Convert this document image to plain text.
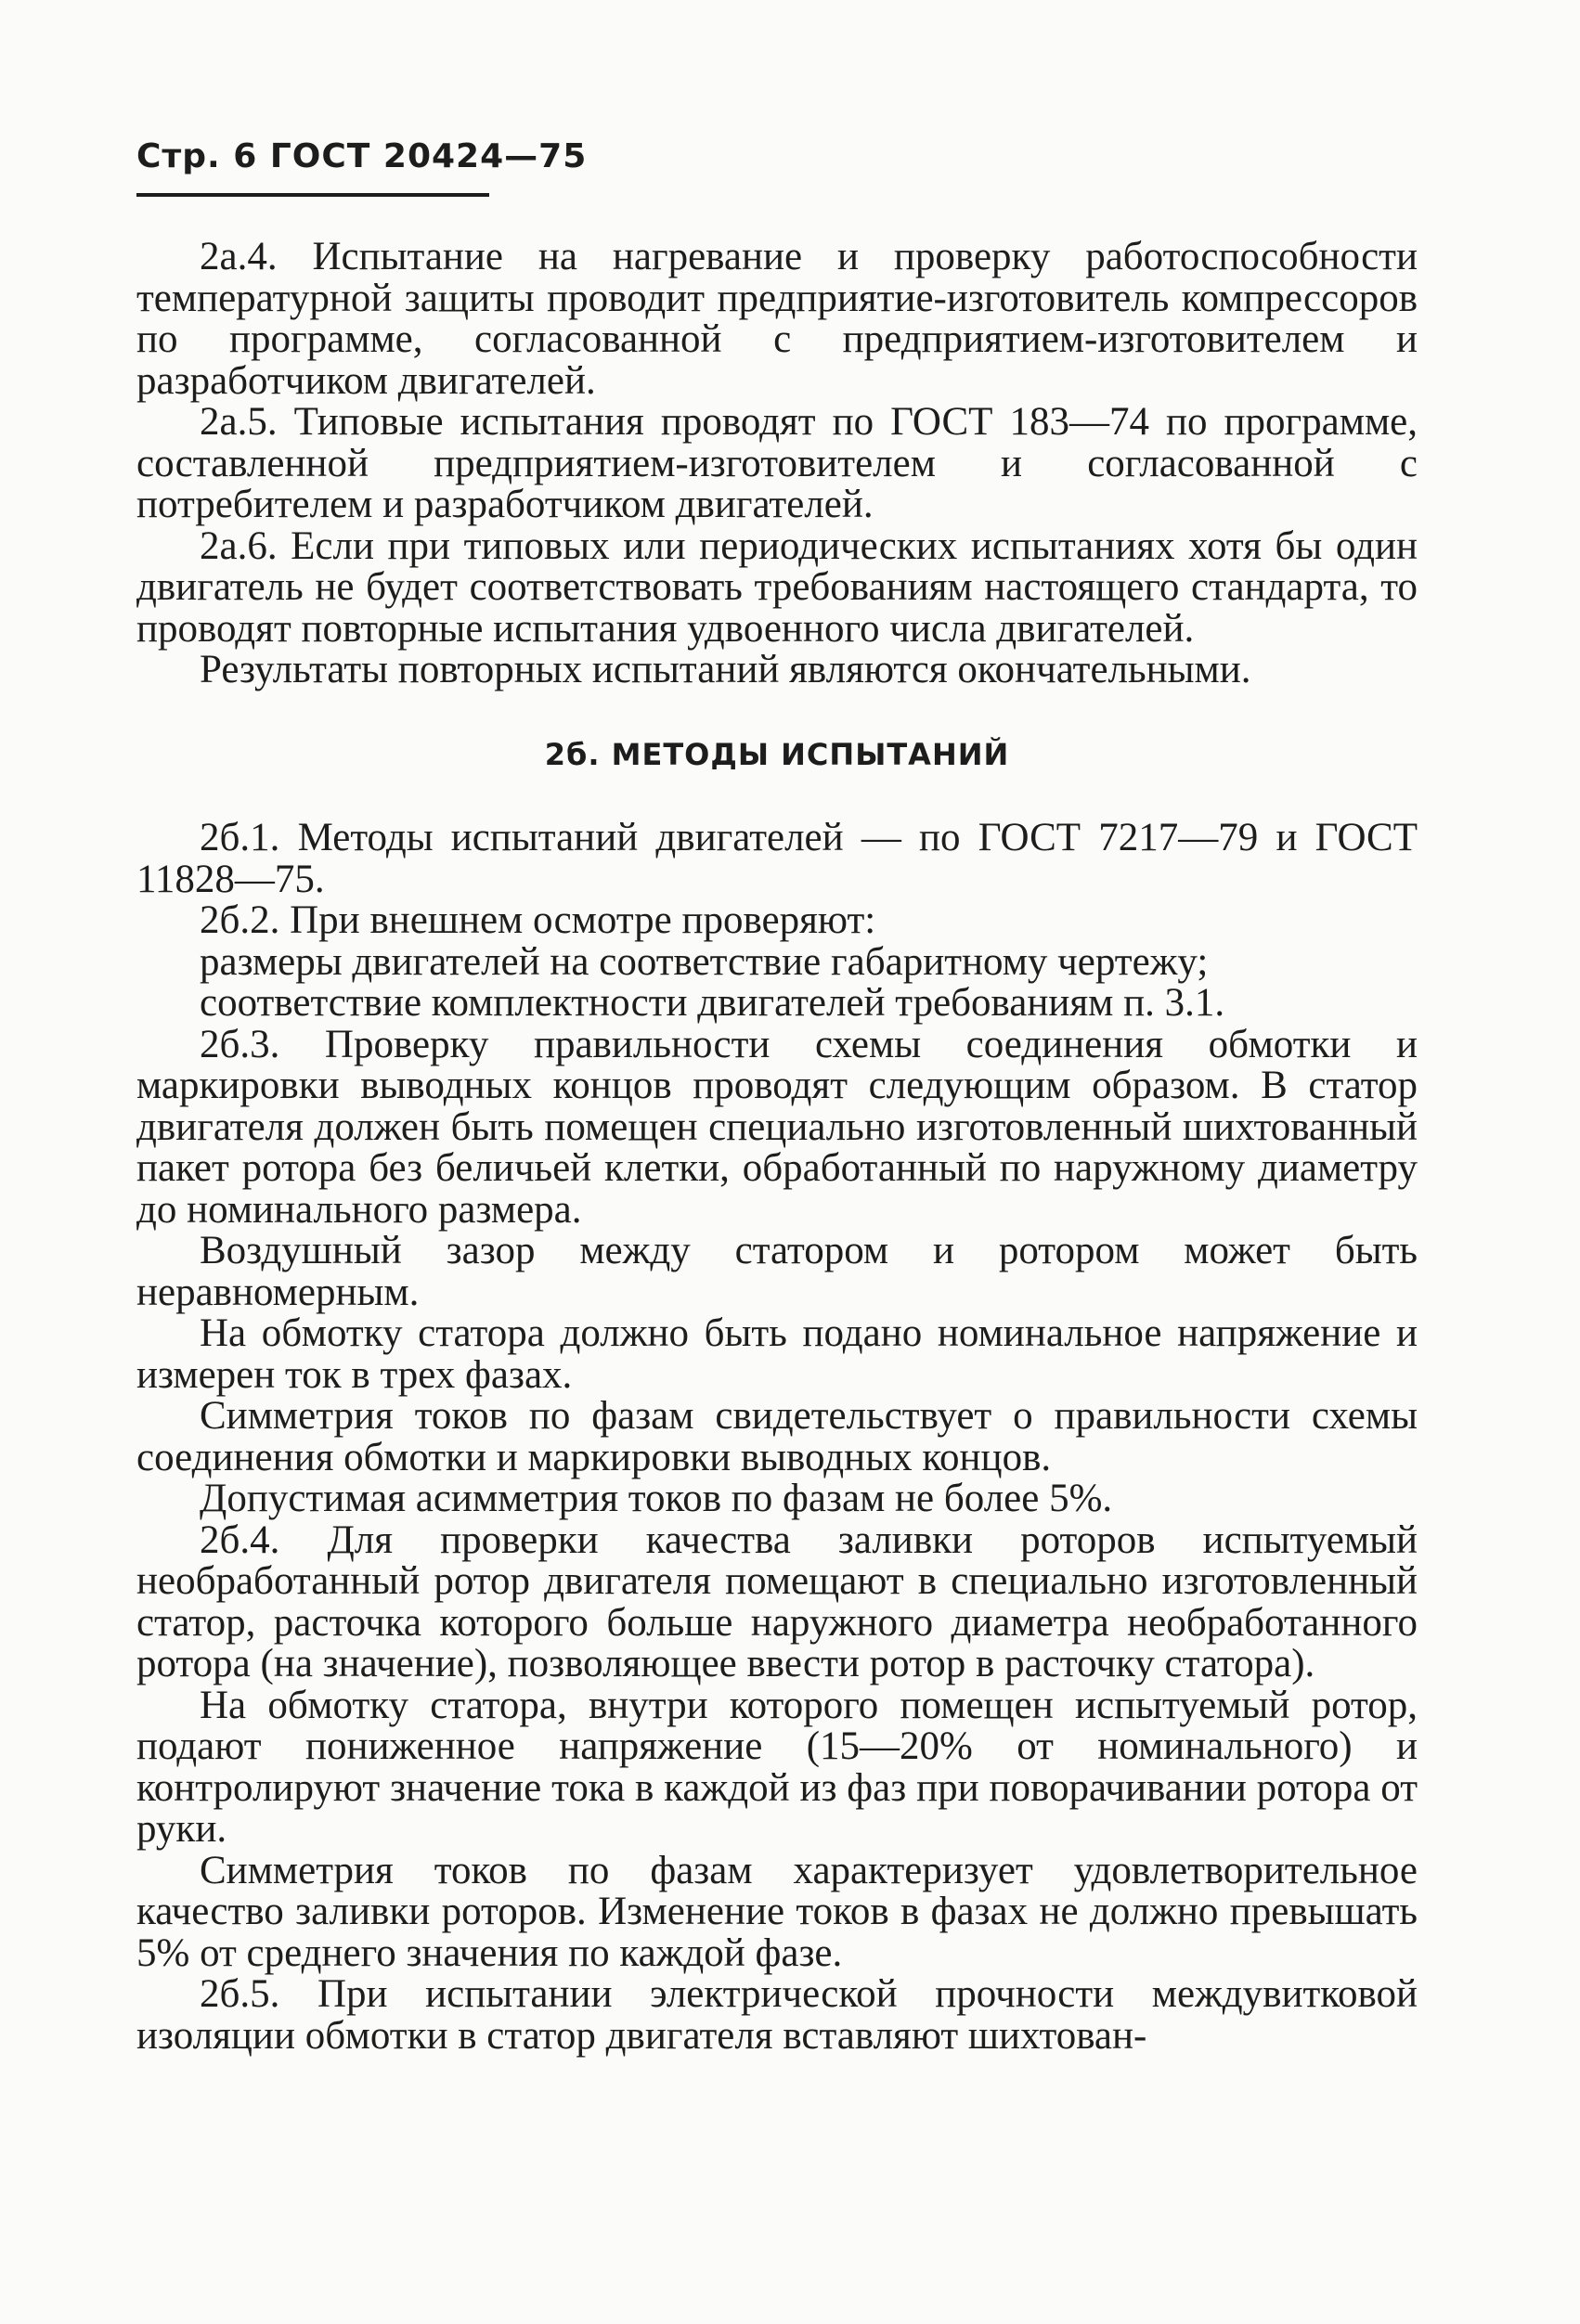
Стр. 6 ГОСТ 20424—75

2а.4. Испытание на нагревание и проверку работоспособности температурной защиты проводит предприятие-изготовитель компрессоров по программе, согласованной с предприятием-изготовителем и разработчиком двигателей.

2а.5. Типовые испытания проводят по ГОСТ 183—74 по программе, составленной предприятием-изготовителем и согласованной с потребителем и разработчиком двигателей.

2а.6. Если при типовых или периодических испытаниях хотя бы один двигатель не будет соответствовать требованиям настоящего стандарта, то проводят повторные испытания удвоенного числа двигателей.

Результаты повторных испытаний являются окончательными.

2б. МЕТОДЫ ИСПЫТАНИЙ

2б.1. Методы испытаний двигателей — по ГОСТ 7217—79 и ГОСТ 11828—75.

2б.2. При внешнем осмотре проверяют:

размеры двигателей на соответствие габаритному чертежу;

соответствие комплектности двигателей требованиям п. 3.1.

2б.3. Проверку правильности схемы соединения обмотки и маркировки выводных концов проводят следующим образом. В статор двигателя должен быть помещен специально изготовленный шихтованный пакет ротора без беличьей клетки, обработанный по наружному диаметру до номинального размера.

Воздушный зазор между статором и ротором может быть неравномерным.

На обмотку статора должно быть подано номинальное напряжение и измерен ток в трех фазах.

Симметрия токов по фазам свидетельствует о правильности схемы соединения обмотки и маркировки выводных концов.

Допустимая асимметрия токов по фазам не более 5%.

2б.4. Для проверки качества заливки роторов испытуемый необработанный ротор двигателя помещают в специально изготовленный статор, расточка которого больше наружного диаметра необработанного ротора (на значение), позволяющее ввести ротор в расточку статора).

На обмотку статора, внутри которого помещен испытуемый ротор, подают пониженное напряжение (15—20% от номинального) и контролируют значение тока в каждой из фаз при поворачивании ротора от руки.

Симметрия токов по фазам характеризует удовлетворительное качество заливки роторов. Изменение токов в фазах не должно превышать 5% от среднего значения по каждой фазе.

2б.5. При испытании электрической прочности междувитковой изоляции обмотки в статор двигателя вставляют шихтован-
